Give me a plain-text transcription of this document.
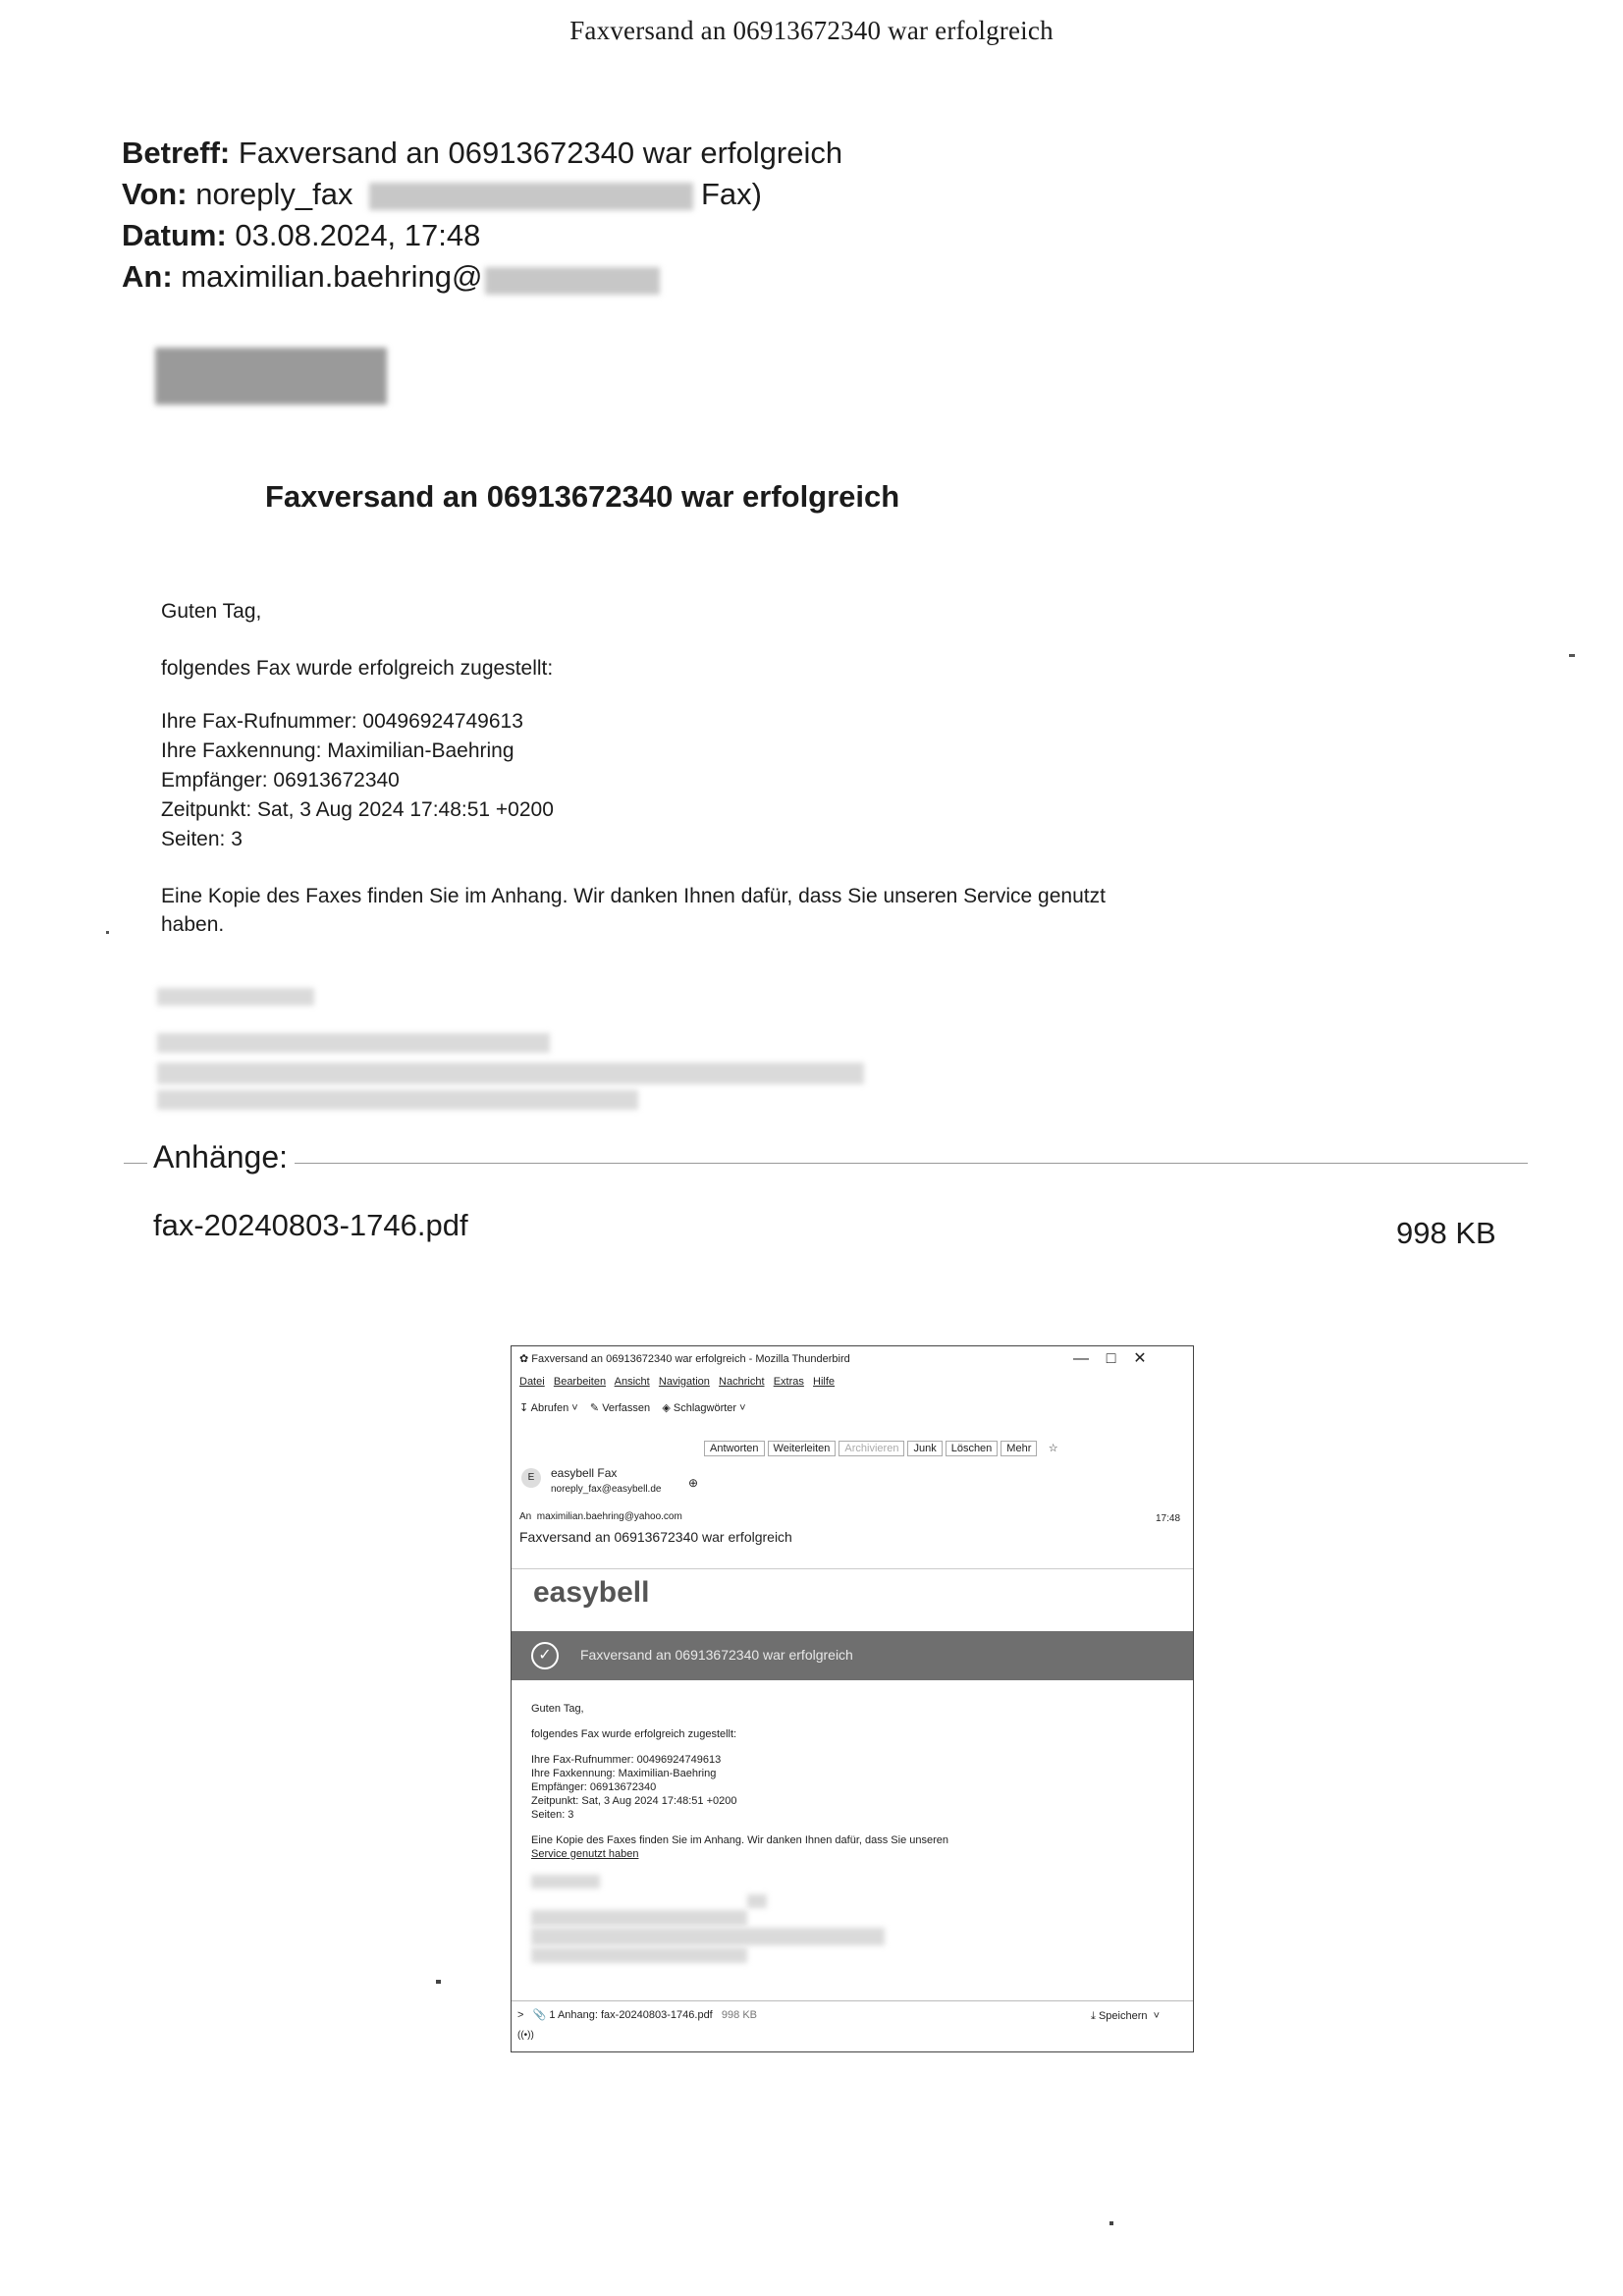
Faxversand an 06913672340 war erfolgreich
Betreff: Faxversand an 06913672340 war erfolgreich
Von: noreply_fax	Fax)
Datum: 03.08.2024, 17:48
An: maximilian.baehring@
Faxversand an 06913672340 war erfolgreich
Guten Tag,
folgendes Fax wurde erfolgreich zugestellt:
Ihre Fax-Rufnummer: 00496924749613
Ihre Faxkennung: Maximilian-Baehring
Empfänger: 06913672340
Zeitpunkt: Sat, 3 Aug 2024 17:48:51 +0200
Seiten: 3
Eine Kopie des Faxes finden Sie im Anhang. Wir danken Ihnen dafür, dass Sie unseren Service genutzt
haben.
Anhänge:
fax-20240803-1746.pdf	998 KB
✿ Faxversand an 06913672340 war erfolgreich - Mozilla Thunderbird	— □ ✕
Datei Bearbeiten Ansicht Navigation Nachricht Extras Hilfe
↧ Abrufen ˅    ✎ Verfassen ◈ Schlagwörter ˅
Antworten Weiterleiten Archivieren Junk Löschen Mehr ☆
E	easybell Fax
noreply_fax@easybell.de ⊕
An maximilian.baehring@yahoo.com	17:48
Faxversand an 06913672340 war erfolgreich
easybell
✓	Faxversand an 06913672340 war erfolgreich
Guten Tag,
folgendes Fax wurde erfolgreich zugestellt:
Ihre Fax-Rufnummer: 00496924749613
Ihre Faxkennung: Maximilian-Baehring
Empfänger: 06913672340
Zeitpunkt: Sat, 3 Aug 2024 17:48:51 +0200
Seiten: 3
Eine Kopie des Faxes finden Sie im Anhang. Wir danken Ihnen dafür, dass Sie unseren
Service genutzt haben
> 📎 1 Anhang: fax-20240803-1746.pdf 998 KB	⤓ Speichern  ˅
((•))
